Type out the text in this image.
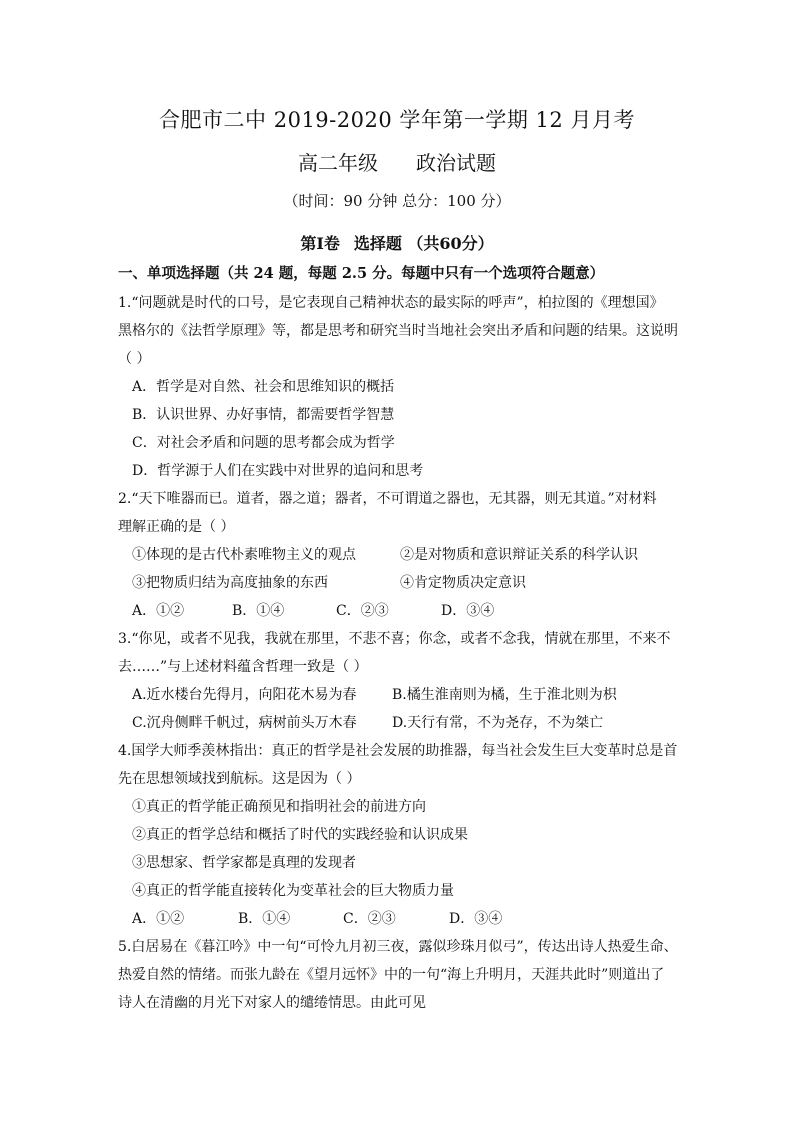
合肥市二中 2019-2020 学年第一学期 12 月月考
高二年级 政治试题
（时间：90 分钟 总分：100 分）
第Ⅰ卷 选择题 （共60分）
一、单项选择题（共 24 题，每题 2.5 分。每题中只有一个选项符合题意）
1.“问题就是时代的口号，是它表现自己精神状态的最实际的呼声”，柏拉图的《理想国》
黑格尔的《法哲学原理》等，都是思考和研究当时当地社会突出矛盾和问题的结果。这说明
（ ）
A．哲学是对自然、社会和思维知识的概括
B．认识世界、办好事情，都需要哲学智慧
C．对社会矛盾和问题的思考都会成为哲学
D．哲学源于人们在实践中对世界的追问和思考
2.“天下唯器而已。道者，器之道；器者，不可谓道之器也，无其器，则无其道。”对材料
理解正确的是（ ）
①体现的是古代朴素唯物主义的观点	②是对物质和意识辩证关系的科学认识
③把物质归结为高度抽象的东西	④肯定物质决定意识
A．①②	B．①④	C．②③	D．③④
3.“你见，或者不见我，我就在那里，不悲不喜；你念，或者不念我，情就在那里，不来不
去……”与上述材料蕴含哲理一致是（ ）
A.近水楼台先得月，向阳花木易为春	B.橘生淮南则为橘，生于淮北则为枳
C.沉舟侧畔千帆过，病树前头万木春	D.天行有常，不为尧存，不为桀亡
4.国学大师季羡林指出：真正的哲学是社会发展的助推器，每当社会发生巨大变革时总是首
先在思想领域找到航标。这是因为（ ）
①真正的哲学能正确预见和指明社会的前进方向
②真正的哲学总结和概括了时代的实践经验和认识成果
③思想家、哲学家都是真理的发现者
④真正的哲学能直接转化为变革社会的巨大物质力量
A．①②	B．①④	C．②③	D．③④
5.白居易在《暮江吟》中一句“可怜九月初三夜，露似珍珠月似弓”，传达出诗人热爱生命、
热爱自然的情绪。而张九龄在《望月远怀》中的一句“海上升明月，天涯共此时”则道出了
诗人在清幽的月光下对家人的缱绻情思。由此可见
